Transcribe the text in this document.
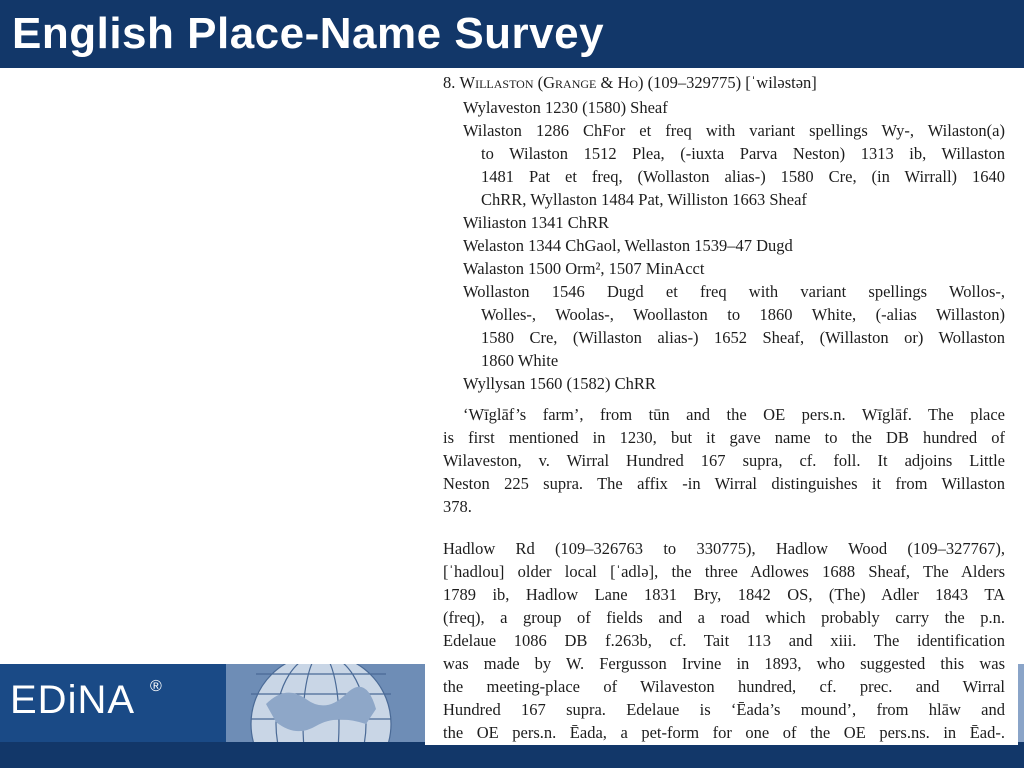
English Place-Name Survey
EDiNA ®
8. Willaston (Grange & Ho) (109–329775) [ˈwiləstən]
Wylaveston 1230 (1580) Sheaf
Wilaston 1286 ChFor et freq with variant spellings Wy-, Wilaston(a)
to Wilaston 1512 Plea, (-iuxta Parva Neston) 1313 ib, Willaston
1481 Pat et freq, (Wollaston alias-) 1580 Cre, (in Wirrall) 1640
ChRR, Wyllaston 1484 Pat, Williston 1663 Sheaf
Wiliaston 1341 ChRR
Welaston 1344 ChGaol, Wellaston 1539–47 Dugd
Walaston 1500 Orm², 1507 MinAcct
Wollaston 1546 Dugd et freq with variant spellings Wollos-,
Wolles-, Woolas-, Woollaston to 1860 White, (-alias Willaston)
1580 Cre, (Willaston alias-) 1652 Sheaf, (Willaston or) Wollaston
1860 White
Wyllysan 1560 (1582) ChRR
‘Wīglāf’s farm’, from tūn and the OE pers.n. Wīglāf. The place
is first mentioned in 1230, but it gave name to the DB hundred of
Wilaveston, v. Wirral Hundred 167 supra, cf. foll. It adjoins Little
Neston 225 supra. The affix -in Wirral distinguishes it from Willaston
378.
Hadlow Rd (109–326763 to 330775), Hadlow Wood (109–327767),
[ˈhadlou] older local [ˈadlə], the three Adlowes 1688 Sheaf, The Alders
1789 ib, Hadlow Lane 1831 Bry, 1842 OS, (The) Adler 1843 TA
(freq), a group of fields and a road which probably carry the p.n.
Edelaue 1086 DB f.263b, cf. Tait 113 and xiii. The identification
was made by W. Fergusson Irvine in 1893, who suggested this was
the meeting-place of Wilaveston hundred, cf. prec. and Wirral
Hundred 167 supra. Edelaue is ‘Ēada’s mound’, from hlāw and
the OE pers.n. Ēada, a pet-form for one of the OE pers.ns. in Ēad-.
